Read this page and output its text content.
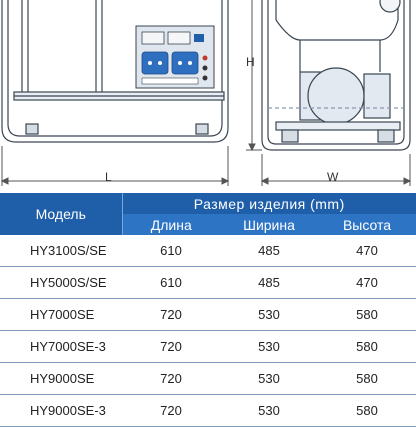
L	W
H
Модель	Размер изделия (mm)		
	Длина	Ширина	Высота
HY3100S/SE	610	485	470
HY5000S/SE	610	485	470
HY7000SE	720	530	580
HY7000SE-3	720	530	580
HY9000SE	720	530	580
HY9000SE-3	720	530	580
